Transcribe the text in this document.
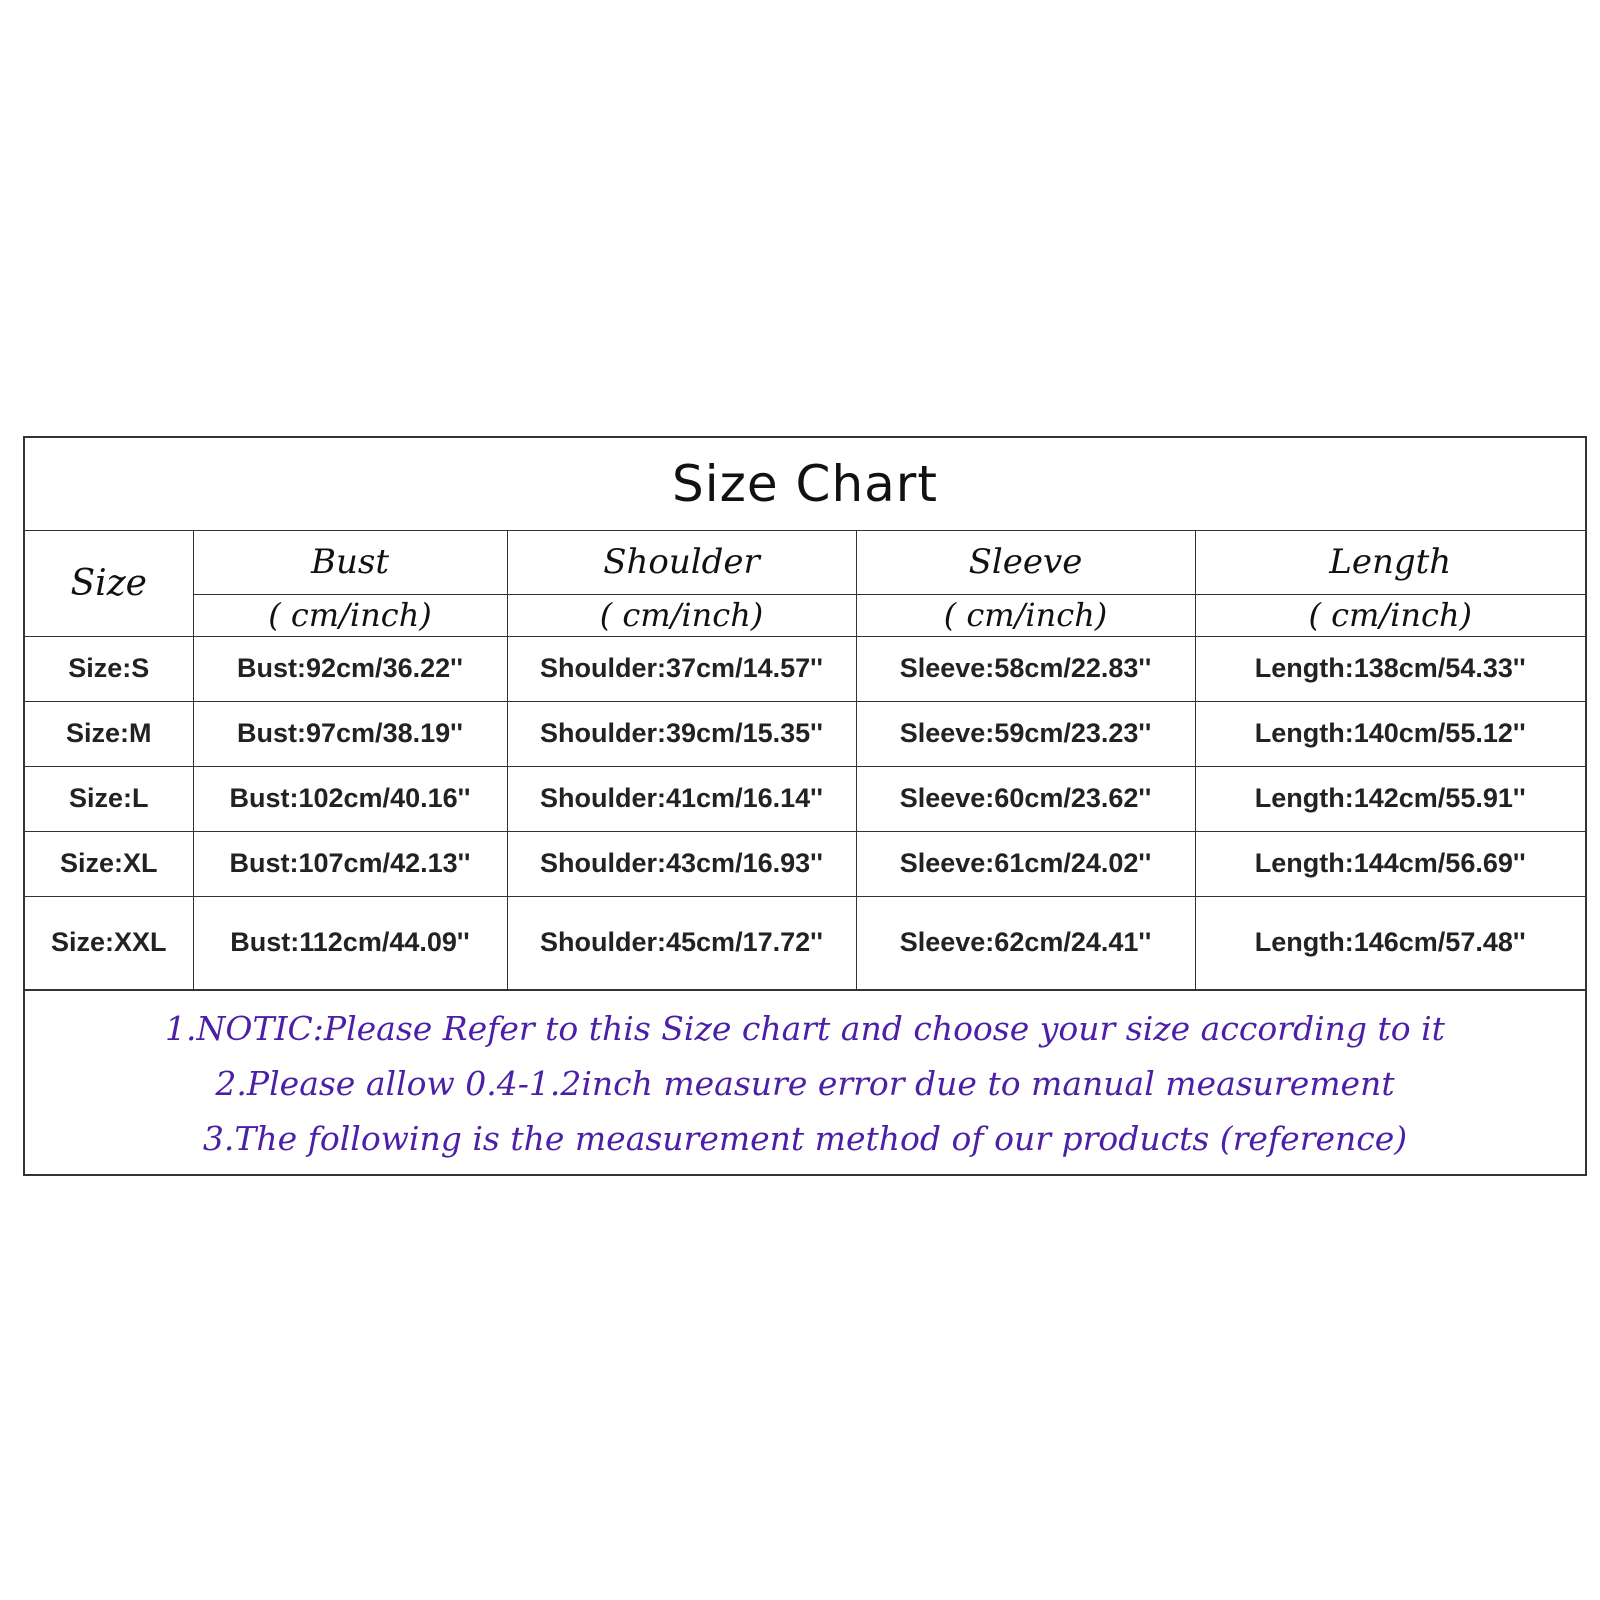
Size Chart				
Size	Bust	Shoulder	Sleeve	Length
	( cm/inch)	( cm/inch)	( cm/inch)	( cm/inch)
Size:S	Bust:92cm/36.22''	Shoulder:37cm/14.57''	Sleeve:58cm/22.83''	Length:138cm/54.33''
Size:M	Bust:97cm/38.19''	Shoulder:39cm/15.35''	Sleeve:59cm/23.23''	Length:140cm/55.12''
Size:L	Bust:102cm/40.16''	Shoulder:41cm/16.14''	Sleeve:60cm/23.62''	Length:142cm/55.91''
Size:XL	Bust:107cm/42.13''	Shoulder:43cm/16.93''	Sleeve:61cm/24.02''	Length:144cm/56.69''
Size:XXL	Bust:112cm/44.09''	Shoulder:45cm/17.72''	Sleeve:62cm/24.41''	Length:146cm/57.48''
1.NOTIC:Please Refer to this Size chart and choose your size according to it
2.Please allow 0.4-1.2inch measure error due to manual measurement
3.The following is the measurement method of our products (reference)
